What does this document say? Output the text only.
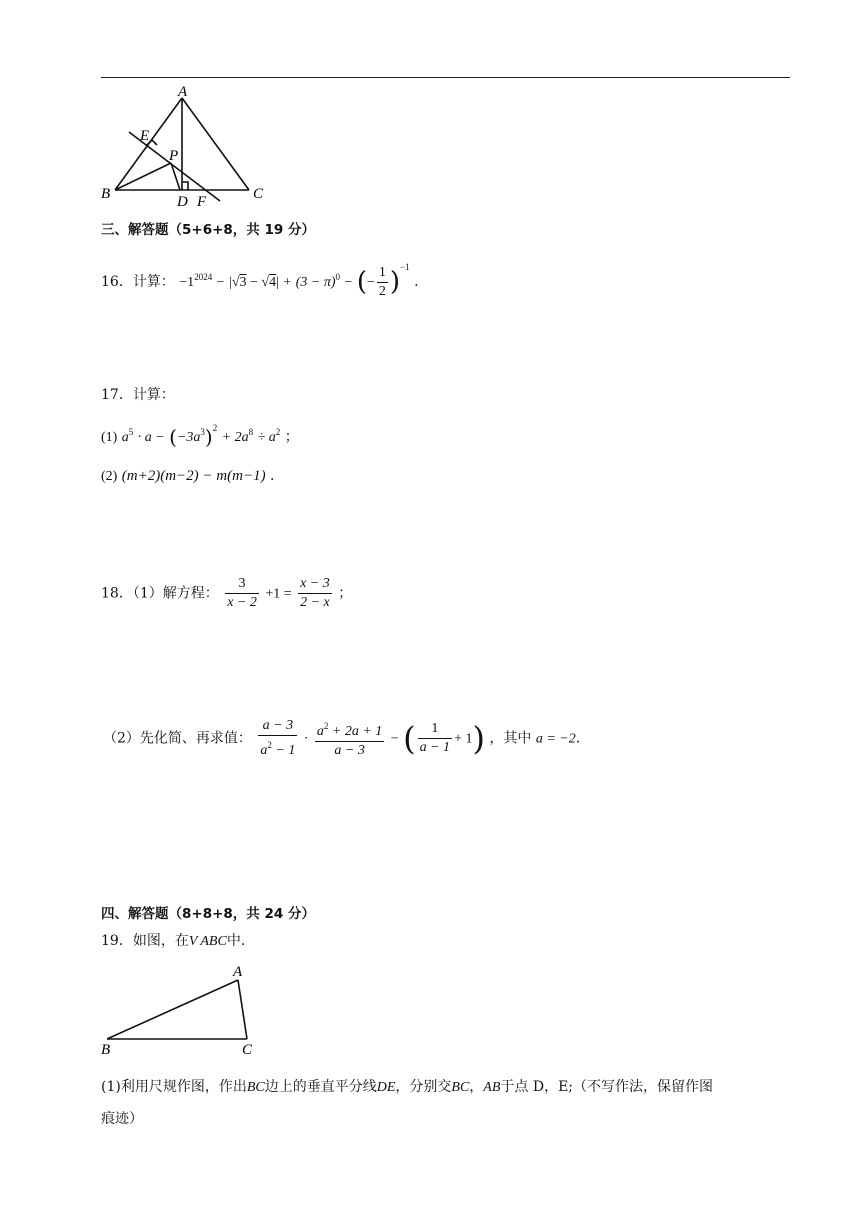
A
E
P
B	D F	C
三、解答题（5+6+8，共 19 分）
16．计算： $-1^{2024} - |√3 - √4| + (3 - \pi)^0$ − (− $\frac{1}{2} )^{-1}$ .
17．计算：
(1) $a^5 \cdot a - (-3a^3)^2 + 2a^8 \div a^2$ ；
(2) (m+2)(m−2) − m(m−1) .
18．（1）解方程： $\frac{3}{x - 2} +1 = \frac{x - 3}{2 - x}$ ；
（2）先化简、再求值： $\frac{a - 3}{a^2 - 1} \cdot \frac{a^2 + 2a + 1}{a - 3}$ − ( $\frac{1}{a - 1} + 1$) ，其中 a = −2.
四、解答题（8+8+8，共 24 分）
19．如图，在V ABC中.
A
B	C
(1)利用尺规作图，作出BC边上的垂直平分线DE，分别交BC，AB于点 D，E;（不写作法，保留作图
痕迹）
